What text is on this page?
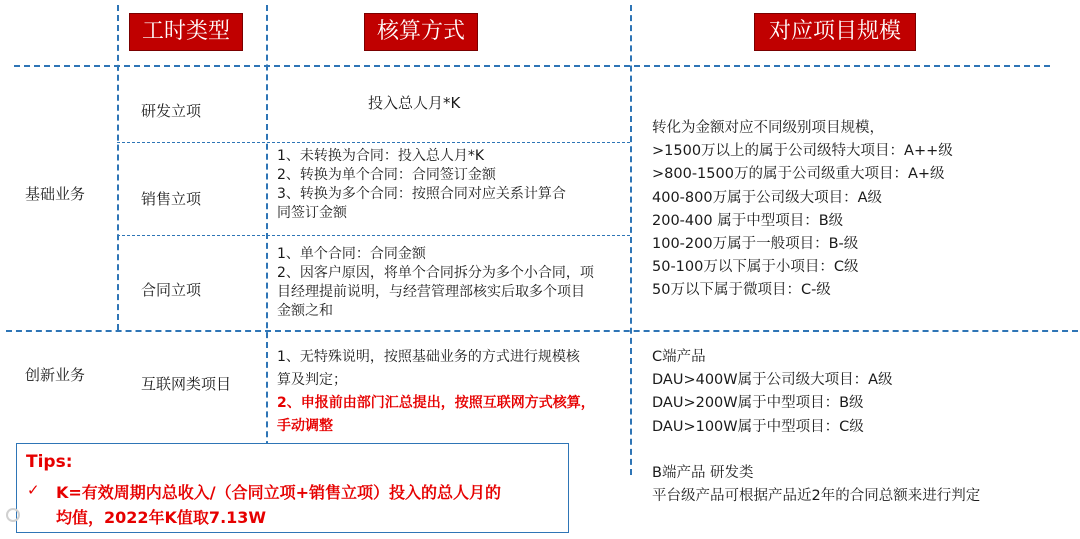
工时类型	核算方式	对应项目规模
基础业务
创新业务
研发立项
销售立项
合同立项
互联网类项目
投入总人月*K
1、未转换为合同：投入总人月*K
2、转换为单个合同：合同签订金额
3、转换为多个合同：按照合同对应关系计算合
同签订金额
1、单个合同：合同金额
2、因客户原因，将单个合同拆分为多个小合同，项
目经理提前说明，与经营管理部核实后取多个项目
金额之和
1、无特殊说明，按照基础业务的方式进行规模核
算及判定；
2、申报前由部门汇总提出，按照互联网方式核算，
手动调整
转化为金额对应不同级别项目规模，
>1500万以上的属于公司级特大项目：A++级
>800-1500万的属于公司级重大项目：A+级
400-800万属于公司级大项目：A级
200-400 属于中型项目：B级
100-200万属于一般项目：B-级
50-100万以下属于小项目：C级
50万以下属于微项目：C-级
C端产品
DAU>400W属于公司级大项目：A级
DAU>200W属于中型项目：B级
DAU>100W属于中型项目：C级
B端产品 研发类
平台级产品可根据产品近2年的合同总额来进行判定
Tips:
✓ K=有效周期内总收入/（合同立项+销售立项）投入的总人月的
均值，2022年K值取7.13W
